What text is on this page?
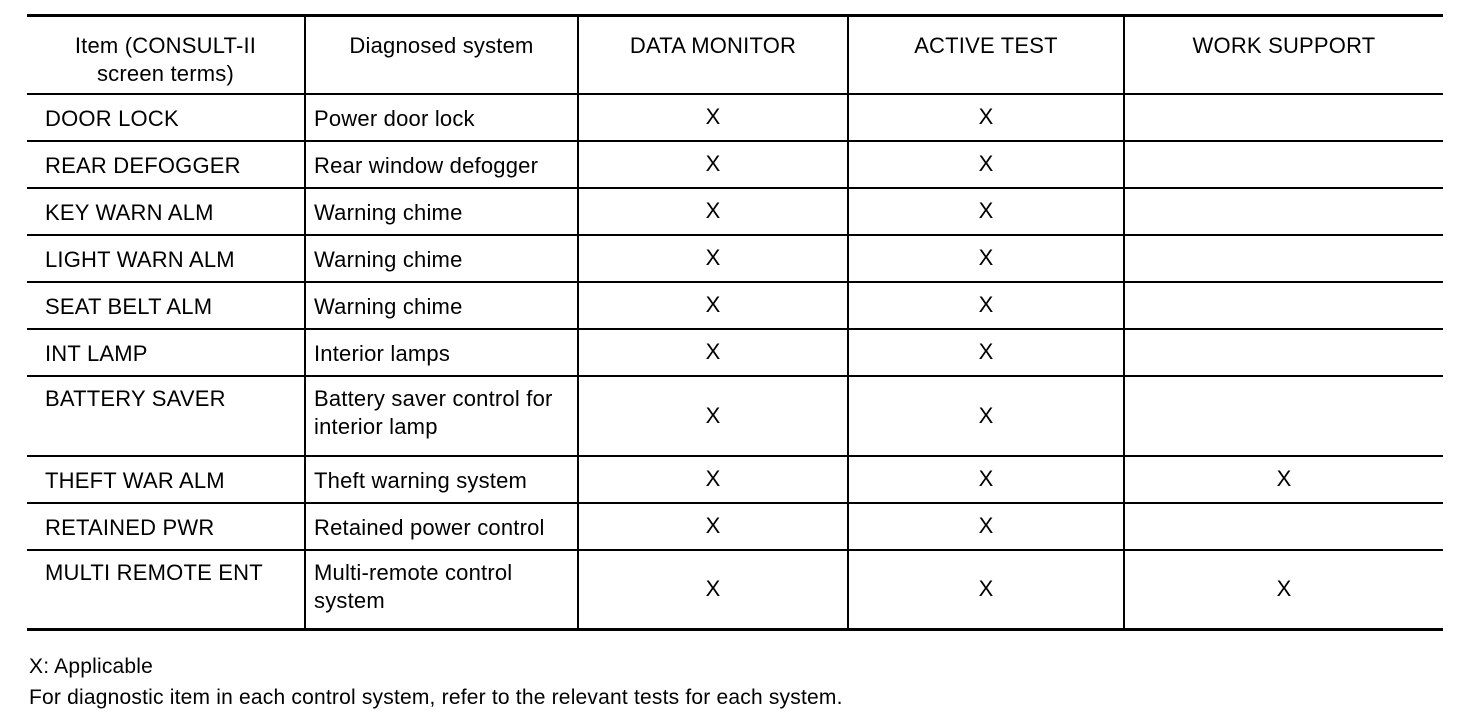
Item (CONSULT-II
screen terms)	Diagnosed system	DATA MONITOR	ACTIVE TEST	WORK SUPPORT
DOOR LOCK	Power door lock	X	X	
REAR DEFOGGER	Rear window defogger	X	X	
KEY WARN ALM	Warning chime	X	X	
LIGHT WARN ALM	Warning chime	X	X	
SEAT BELT ALM	Warning chime	X	X	
INT LAMP	Interior lamps	X	X	
BATTERY SAVER	Battery saver control for
interior lamp	X	X	
THEFT WAR ALM	Theft warning system	X	X	X
RETAINED PWR	Retained power control	X	X	
MULTI REMOTE ENT	Multi-remote control
system	X	X	X
X: Applicable
For diagnostic item in each control system, refer to the relevant tests for each system.
